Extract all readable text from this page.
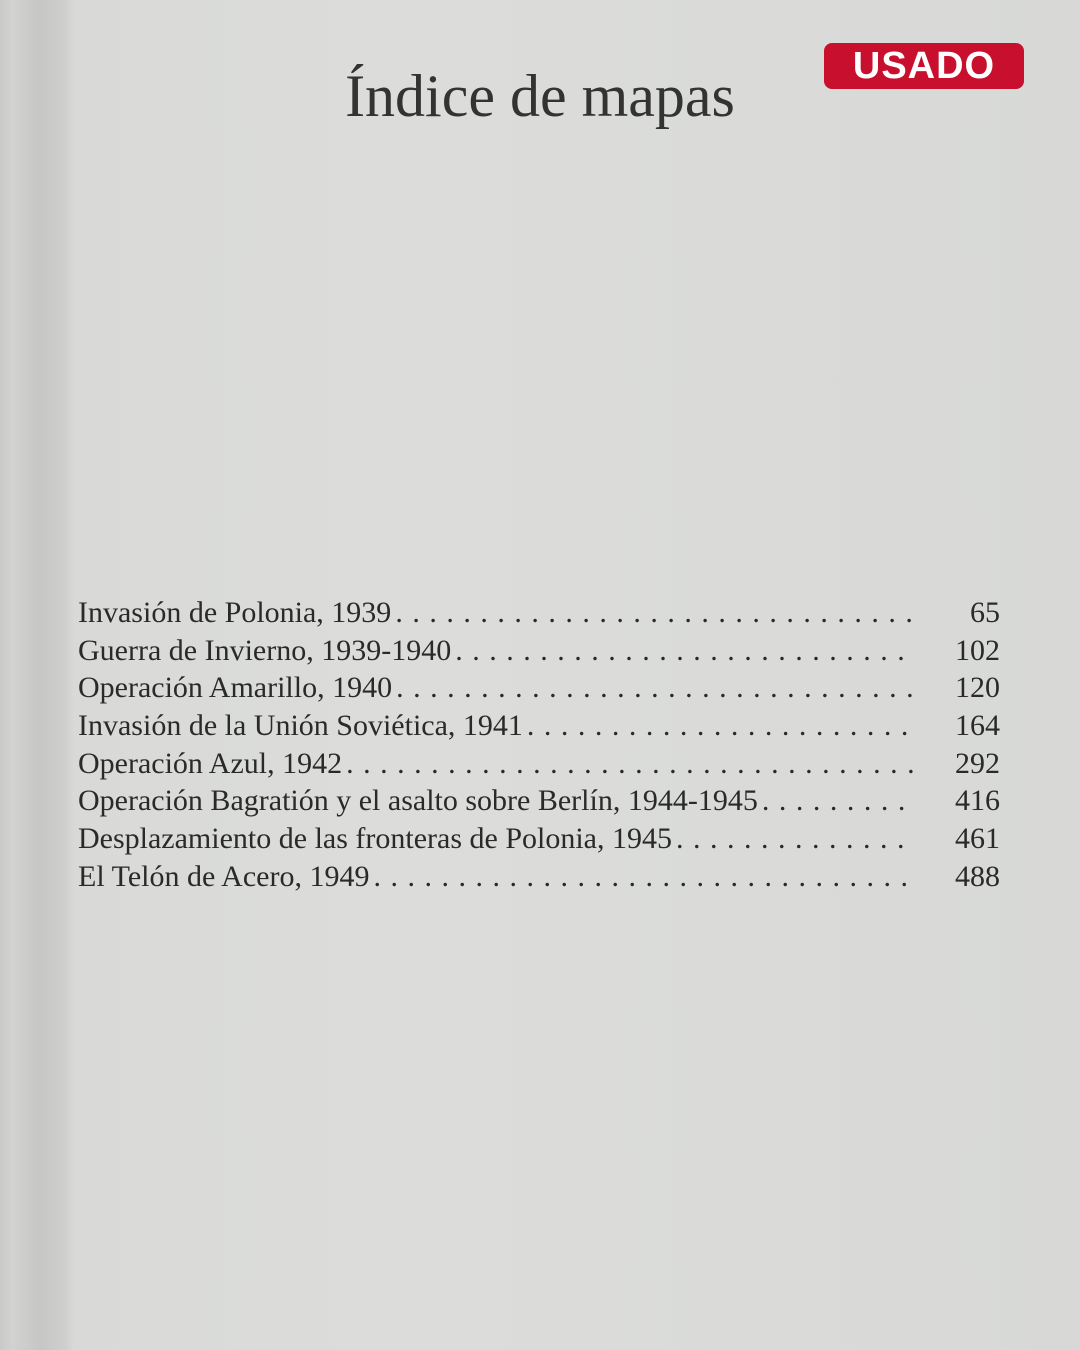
Índice de mapas	USADO
Invasión de Polonia, 1939 . . .	65
Guerra de Invierno, 1939-1940 . . .	102
Operación Amarillo, 1940 . . .	120
Invasión de la Unión Soviética, 1941 . . .	164
Operación Azul, 1942 . . .	292
Operación Bagratión y el asalto sobre Berlín, 1944-1945 . . .	416
Desplazamiento de las fronteras de Polonia, 1945 . . .	461
El Telón de Acero, 1949 . . .	488
